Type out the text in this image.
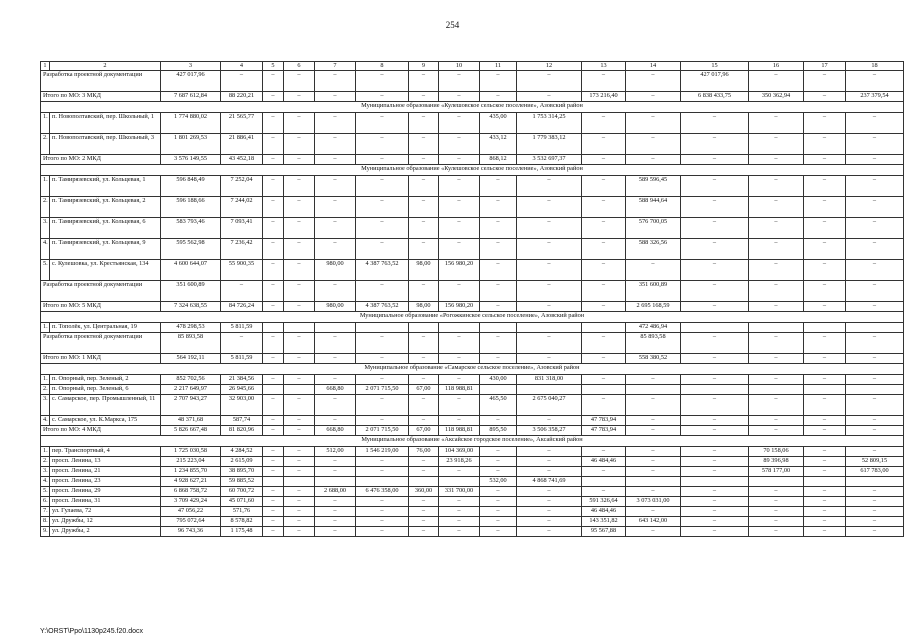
254
1	2	3	4	5	6	7	8	9	10	11	12	13	14	15	16	17	18
Разработка проектной документации		427 017,96	–	–	–	–	–	–	–	–	–	–	–	427 017,96	–	–	–
Итого по МО: 3 МКД		7 687 612,84	88 220,21	–	–	–	–	–	–	–	–	173 216,40	–	6 838 433,75	350 362,94	–	237 379,54
Муниципальное образование «Кулешовское сельское поселение», Азовский район																	
1.	п. Новополтавский, пер. Школьный, 1	1 774 880,02	21 565,77	–	–	–	–	–	–	435,00	1 753 314,25	–	–	–	–	–	–
2.	п. Новополтавский, пер. Школьный, 3	1 801 269,53	21 886,41	–	–	–	–	–	–	433,12	1 779 383,12	–	–	–	–	–	–
Итого по МО: 2 МКД		3 576 149,55	43 452,18	–	–	–	–	–	–	868,12	3 532 697,37	–	–	–	–	–	–
Муниципальное образование «Кулешовское сельское поселение», Азовский район																	
1.	п. Тамирязевский, ул. Кольцевая, 1	596 848,49	7 252,04	–	–	–	–	–	–	–	–	–	589 596,45	–	–	–	–
2.	п. Тамирязевский, ул. Кольцевая, 2	596 188,66	7 244,02	–	–	–	–	–	–	–	–	–	588 944,64	–	–	–	–
3.	п. Тамирязевский, ул. Кольцевая, 6	583 793,46	7 093,41	–	–	–	–	–	–	–	–	–	576 700,05	–	–	–	–
4.	п. Тамирязевский, ул. Кольцевая, 9	595 562,98	7 236,42	–	–	–	–	–	–	–	–	–	588 326,56	–	–	–	–
5.	с. Кулешовка, ул. Крестьянская, 134	4 600 644,07	55 900,35	–	–	980,00	4 387 763,52	98,00	156 980,20	–	–	–	–	–	–	–	–
Разработка проектной документации		351 600,89	–	–	–	–	–	–	–	–	–	–	351 600,89	–	–	–	–
Итого по МО: 5 МКД		7 324 638,55	84 726,24	–	–	980,00	4 387 763,52	98,00	156 980,20	–	–	–	2 695 168,59	–	–	–	–
Муниципальное образование «Рогожкинское сельское поселение», Азовский район																	
1.	п. Тополёк, ул. Центральная, 19	478 298,53	5 811,59										472 486,94				
Разработка проектной документации		85 893,58	–	–	–	–	–	–	–	–	–	–	85 893,58	–	–	–	–
Итого по МО: 1 МКД		564 192,11	5 811,59	–	–	–	–	–	–	–	–	–	558 380,52	–	–	–	–
Муниципальное образование «Самарское сельское поселение», Азовский район																	
1.	п. Опорный, пер. Зеленый, 2	852 702,56	21 384,56	–	–	–	–	–	–	430,00	831 318,00	–	–	–	–	–	–
2.	п. Опорный, пер. Зеленый, 6	2 217 649,97	26 945,66			668,80	2 071 715,50	67,00	118 988,81								
3.	с. Самарское, пер. Промышленный, 11	2 707 943,27	32 903,00	–	–	–	–	–	–	465,50	2 675 040,27	–	–	–	–	–	–
4.	с. Самарское, ул. К.Маркса, 175	48 371,68	587,74	–	–	–	–	–	–	–	–	47 783,94	–	–	–	–	–
Итого по МО: 4 МКД		5 826 667,48	81 820,96	–	–	668,80	2 071 715,50	67,00	118 988,81	895,50	3 506 358,27	47 783,94	–	–	–	–	–
Муниципальное образование «Аксайское городское поселение», Аксайский район																	
1.	пер. Транспортный, 4	1 725 030,58	4 284,52	–	–	512,00	1 546 219,00	76,00	104 369,00	–	–	–	–	–	70 158,06	–	–
2.	просп. Ленина, 13	215 223,04	2 615,09	–	–	–	–	–	23 918,26	–	–	46 484,46	–	–	89 396,98	–	52 809,15
3.	просп. Ленина, 21	1 234 855,70	38 895,70	–	–	–	–	–	–	–	–	–	–	–	578 177,00	–	617 783,00
4.	просп. Ленина, 23	4 928 627,21	59 885,52							532,00	4 868 741,69						
5.	просп. Ленина, 29	6 868 758,72	60 700,72	–	–	2 688,00	6 476 358,00	360,00	331 700,00	–	–	–	–	–	–	–	–
6.	просп. Ленина, 31	3 709 429,24	45 071,60	–	–	–	–	–	–	–	–	591 326,64	3 073 031,00	–	–	–	–
7.	ул. Гулаева, 72	47 056,22	571,76	–	–	–	–	–	–	–	–	46 484,46	–	–	–	–	–
8.	ул. Дружбы, 12	795 072,64	8 578,82	–	–	–	–	–	–	–	–	143 351,82	643 142,00	–	–	–	–
9.	ул. Дружбы, 2	96 743,36	1 175,48	–	–	–	–	–	–	–	–	95 567,88	–	–	–	–	–
Y:\ORST\Ppo\1130p245.f20.docx
